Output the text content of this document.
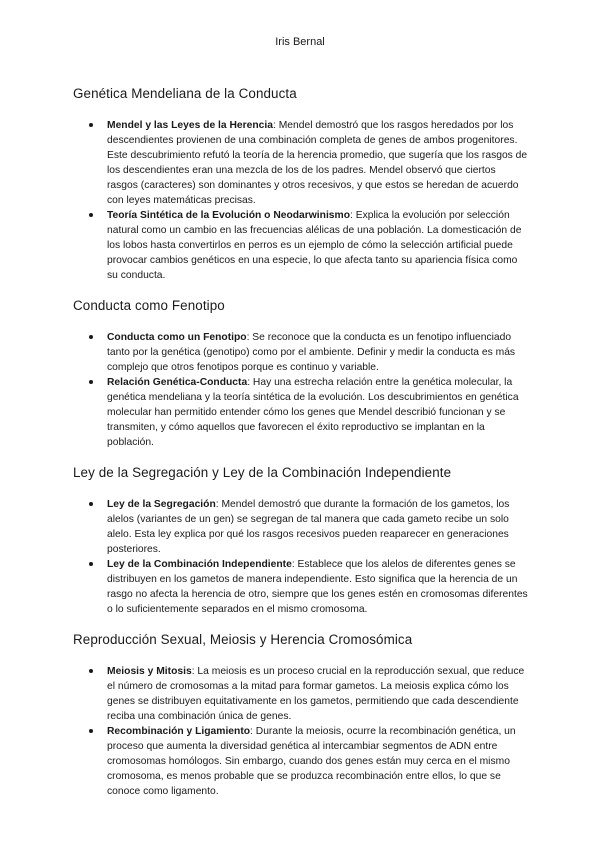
Iris Bernal
Genética Mendeliana de la Conducta
Mendel y las Leyes de la Herencia: Mendel demostró que los rasgos heredados por los descendientes provienen de una combinación completa de genes de ambos progenitores. Este descubrimiento refutó la teoría de la herencia promedio, que sugería que los rasgos de los descendientes eran una mezcla de los de los padres. Mendel observó que ciertos rasgos (caracteres) son dominantes y otros recesivos, y que estos se heredan de acuerdo con leyes matemáticas precisas.
Teoría Sintética de la Evolución o Neodarwinismo: Explica la evolución por selección natural como un cambio en las frecuencias alélicas de una población. La domesticación de los lobos hasta convertirlos en perros es un ejemplo de cómo la selección artificial puede provocar cambios genéticos en una especie, lo que afecta tanto su apariencia física como su conducta.
Conducta como Fenotipo
Conducta como un Fenotipo: Se reconoce que la conducta es un fenotipo influenciado tanto por la genética (genotipo) como por el ambiente. Definir y medir la conducta es más complejo que otros fenotipos porque es continuo y variable.
Relación Genética-Conducta: Hay una estrecha relación entre la genética molecular, la genética mendeliana y la teoría sintética de la evolución. Los descubrimientos en genética molecular han permitido entender cómo los genes que Mendel describió funcionan y se transmiten, y cómo aquellos que favorecen el éxito reproductivo se implantan en la población.
Ley de la Segregación y Ley de la Combinación Independiente
Ley de la Segregación: Mendel demostró que durante la formación de los gametos, los alelos (variantes de un gen) se segregan de tal manera que cada gameto recibe un solo alelo. Esta ley explica por qué los rasgos recesivos pueden reaparecer en generaciones posteriores.
Ley de la Combinación Independiente: Establece que los alelos de diferentes genes se distribuyen en los gametos de manera independiente. Esto significa que la herencia de un rasgo no afecta la herencia de otro, siempre que los genes estén en cromosomas diferentes o lo suficientemente separados en el mismo cromosoma.
Reproducción Sexual, Meiosis y Herencia Cromosómica
Meiosis y Mitosis: La meiosis es un proceso crucial en la reproducción sexual, que reduce el número de cromosomas a la mitad para formar gametos. La meiosis explica cómo los genes se distribuyen equitativamente en los gametos, permitiendo que cada descendiente reciba una combinación única de genes.
Recombinación y Ligamiento: Durante la meiosis, ocurre la recombinación genética, un proceso que aumenta la diversidad genética al intercambiar segmentos de ADN entre cromosomas homólogos. Sin embargo, cuando dos genes están muy cerca en el mismo cromosoma, es menos probable que se produzca recombinación entre ellos, lo que se conoce como ligamento.
